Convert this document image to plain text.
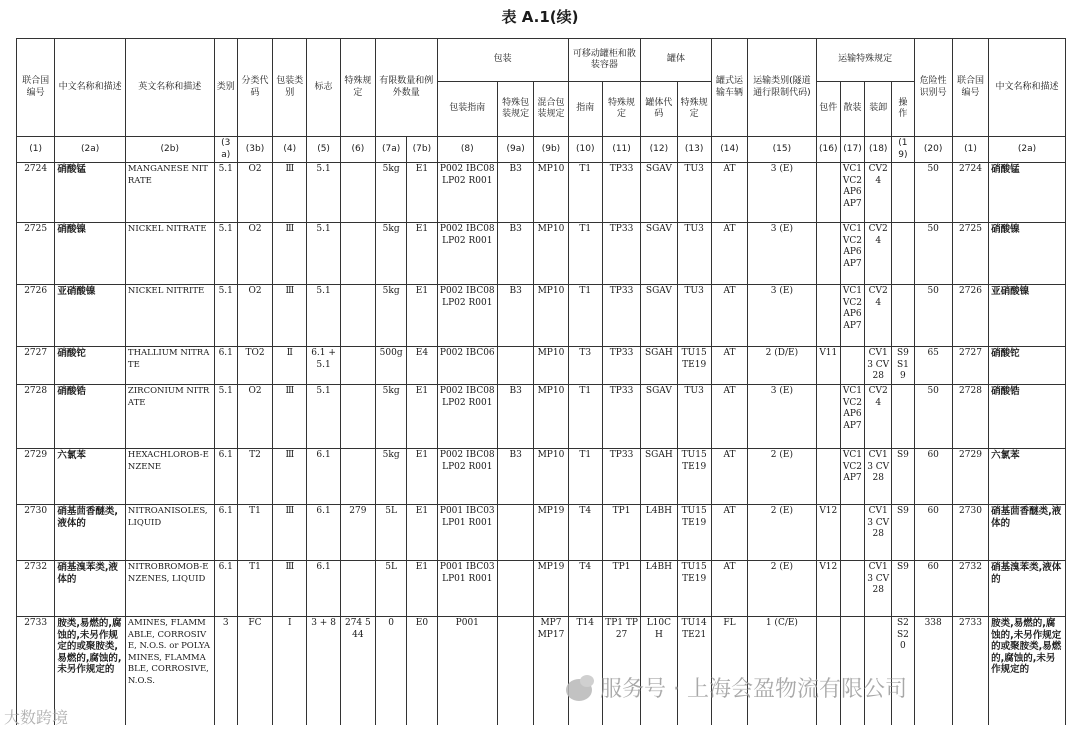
表 A.1(续)
联合国编号	中文名称和描述	英文名称和描述	类别	分类代码	包装类别	标志	特殊规定	有限数量和例外数量		包装			可移动罐柜和散装容器		罐体		罐式运输车辆	运输类别(隧道通行限制代码)	运输特殊规定				危险性识别号	联合国编号	中文名称和描述
										包装指南	特殊包装规定	混合包装规定	指南	特殊规定	罐体代码	特殊规定			包件	散装	装卸	操作			
(1)	(2a)	(2b)	(3a)	(3b)	(4)	(5)	(6)	(7a)	(7b)	(8)	(9a)	(9b)	(10)	(11)	(12)	(13)	(14)	(15)	(16)	(17)	(18)	(19)	(20)	(1)	(2a)
2724	硝酸锰	MANGANESE NITRATE	5.1	O2	Ⅲ	5.1		5kg	E1	P002 IBC08 LP02 R001	B3	MP10	T1	TP33	SGAV	TU3	AT	3 (E)		VC1 VC2 AP6 AP7	CV24		50	2724	硝酸锰
2725	硝酸镍	NICKEL NITRATE	5.1	O2	Ⅲ	5.1		5kg	E1	P002 IBC08 LP02 R001	B3	MP10	T1	TP33	SGAV	TU3	AT	3 (E)		VC1 VC2 AP6 AP7	CV24		50	2725	硝酸镍
2726	亚硝酸镍	NICKEL NITRITE	5.1	O2	Ⅲ	5.1		5kg	E1	P002 IBC08 LP02 R001	B3	MP10	T1	TP33	SGAV	TU3	AT	3 (E)		VC1 VC2 AP6 AP7	CV24		50	2726	亚硝酸镍
2727	硝酸铊	THALLIUM NITRATE	6.1	TO2	Ⅱ	6.1 + 5.1		500g	E4	P002 IBC06		MP10	T3	TP33	SGAH	TU15 TE19	AT	2 (D/E)	V11		CV13 CV28	S9 S19	65	2727	硝酸铊
2728	硝酸锆	ZIRCONIUM NITRATE	5.1	O2	Ⅲ	5.1		5kg	E1	P002 IBC08 LP02 R001	B3	MP10	T1	TP33	SGAV	TU3	AT	3 (E)		VC1 VC2 AP6 AP7	CV24		50	2728	硝酸锆
2729	六氯苯	HEXACHLOROB-ENZENE	6.1	T2	Ⅲ	6.1		5kg	E1	P002 IBC08 LP02 R001	B3	MP10	T1	TP33	SGAH	TU15 TE19	AT	2 (E)		VC1 VC2 AP7	CV13 CV28	S9	60	2729	六氯苯
2730	硝基茴香醚类,液体的	NITROANISOLES, LIQUID	6.1	T1	Ⅲ	6.1	279	5L	E1	P001 IBC03 LP01 R001		MP19	T4	TP1	L4BH	TU15 TE19	AT	2 (E)	V12		CV13 CV28	S9	60	2730	硝基茴香醚类,液体的
2732	硝基溴苯类,液体的	NITROBROMOB-ENZENES, LIQUID	6.1	T1	Ⅲ	6.1		5L	E1	P001 IBC03 LP01 R001		MP19	T4	TP1	L4BH	TU15 TE19	AT	2 (E)	V12		CV13 CV28	S9	60	2732	硝基溴苯类,液体的
2733	胺类,易燃的,腐蚀的,未另作规定的或聚胺类,易燃的,腐蚀的,未另作规定的	AMINES, FLAMMABLE, CORROSIVE, N.O.S. or POLYAMINES, FLAMMABLE, CORROSIVE, N.O.S.	3	FC	I	3 + 8	274 544	0	E0	P001		MP7 MP17	T14	TP1 TP27	L10CH	TU14 TE21	FL	1 (C/E)				S2 S20	338	2733	胺类,易燃的,腐蚀的,未另作规定的或聚胺类,易燃的,腐蚀的,未另作规定的
服务号 · 上海会盈物流有限公司
大数跨境
